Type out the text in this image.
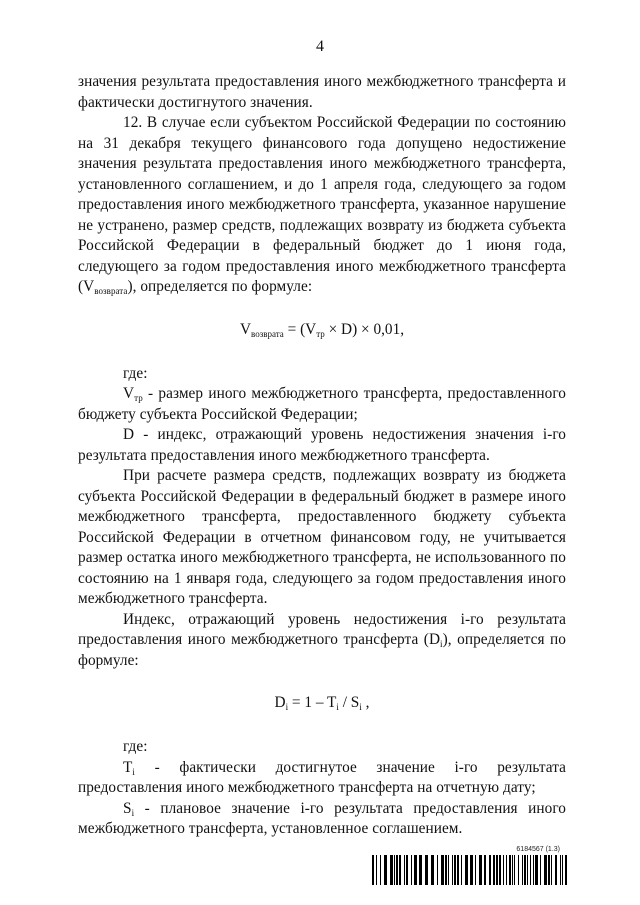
4

значения результата предоставления иного межбюджетного трансферта и фактически достигнутого значения.

12. В случае если субъектом Российской Федерации по состоянию на 31 декабря текущего финансового года допущено недостижение значения результата предоставления иного межбюджетного трансферта, установленного соглашением, и до 1 апреля года, следующего за годом предоставления иного межбюджетного трансферта, указанное нарушение не устранено, размер средств, подлежащих возврату из бюджета субъекта Российской Федерации в федеральный бюджет до 1 июня года, следующего за годом предоставления иного межбюджетного трансферта $(V_{возврата})$, определяется по формуле:

$V_{возврата} = (V_{тр} \times D) \times 0,01$,

где:

$V_{тр}$ - размер иного межбюджетного трансферта, предоставленного бюджету субъекта Российской Федерации;

D - индекс, отражающий уровень недостижения значения i-го результата предоставления иного межбюджетного трансферта.

При расчете размера средств, подлежащих возврату из бюджета субъекта Российской Федерации в федеральный бюджет в размере иного межбюджетного трансферта, предоставленного бюджету субъекта Российской Федерации в отчетном финансовом году, не учитывается размер остатка иного межбюджетного трансферта, не использованного по состоянию на 1 января года, следующего за годом предоставления иного межбюджетного трансферта.

Индекс, отражающий уровень недостижения i-го результата предоставления иного межбюджетного трансферта $(D_i)$, определяется по формуле:

$D_i = 1 - T_i / S_i$ ,

где:

$T_i$ - фактически достигнутое значение i-го результата предоставления иного межбюджетного трансферта на отчетную дату;

$S_i$ - плановое значение i-го результата предоставления иного межбюджетного трансферта, установленное соглашением.

6184567 (1.3)
